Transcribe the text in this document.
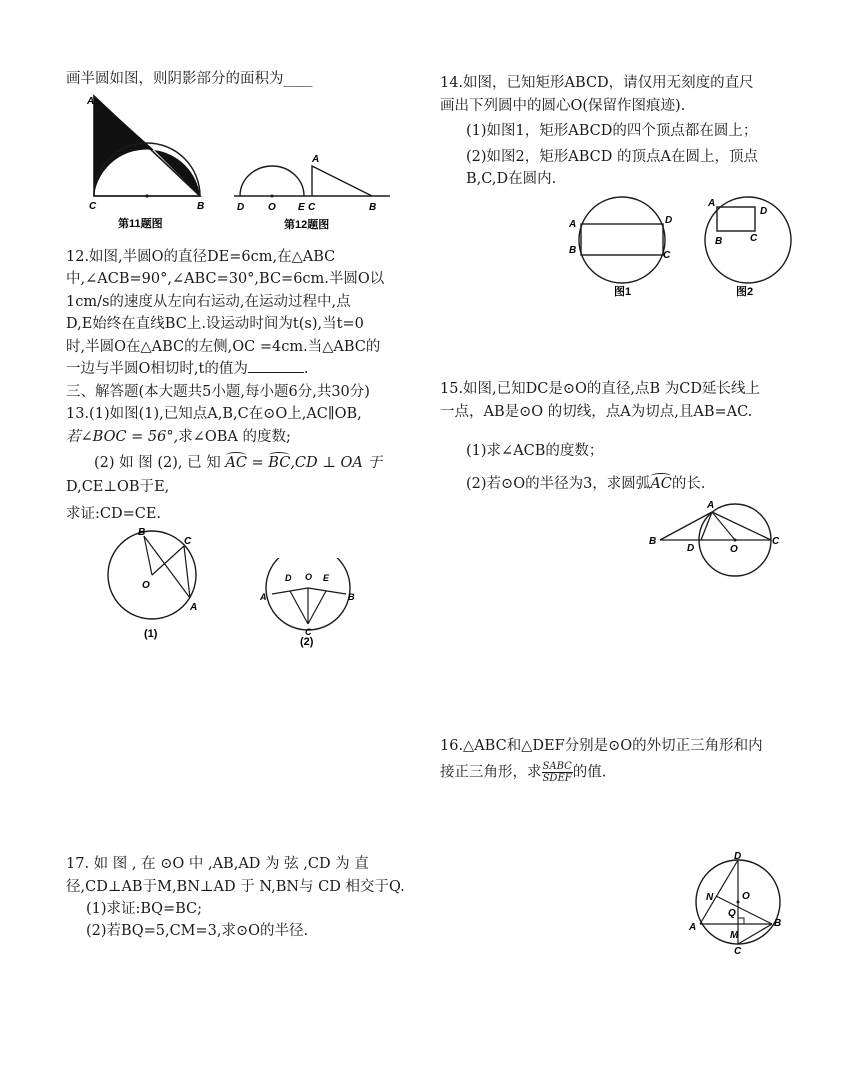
画半圆如图，则阴影部分的面积为____
A
C	B
第11题图
A
D O E C	B
第12题图
12.如图,半圆O的直径DE=6cm,在△ABC
中,∠ACB=90°,∠ABC=30°,BC=6cm.半圆O以
1cm/s的速度从左向右运动,在运动过程中,点
D,E始终在直线BC上.设运动时间为t(s),当t=0
时,半圆O在△ABC的左侧,OC =4cm.当△ABC的
一边与半圆O相切时,t的值为	.
三、解答题(本大题共5小题,每小题6分,共30分)
13.(1)如图(1),已知点A,B,C在⊙O上,AC∥OB,
若∠BOC = 56°,求∠OBA 的度数;
(2) 如 图 (2), 已 知 AC = BC,CD ⊥ OA 于
D,CE⊥OB于E,
求证:CD=CE.
B
C
O
A
(1)
D O E
A	B
C
(2)
17. 如 图 , 在 ⊙O 中 ,AB,AD 为 弦 ,CD 为 直
径,CD⊥AB于M,BN⊥AD 于 N,BN与 CD 相交于Q.
(1)求证:BQ=BC;
(2)若BQ=5,CM=3,求⊙O的半径.
14.如图，已知矩形ABCD，请仅用无刻度的直尺
画出下列圆中的圆心O(保留作图痕迹).
(1)如图1，矩形ABCD的四个顶点都在圆上；
(2)如图2，矩形ABCD 的顶点A在圆上，顶点
B,C,D在圆内.
A	D
B	C
图1
A
D
B	C
图2
15.如图,已知DC是⊙O的直径,点B 为CD延长线上
一点，AB是⊙O 的切线，点A为切点,且AB=AC.
(1)求∠ACB的度数；
(2)若⊙O的半径为3，求圆弧AC的长.
A
B
D	O
C
16.△ABC和△DEF分别是⊙O的外切正三角形和内
接正三角形，求 $\frac{\text{SABC}}{\text{SDEF}}$ 的值.
D
N	O
Q
A
M
B
C
